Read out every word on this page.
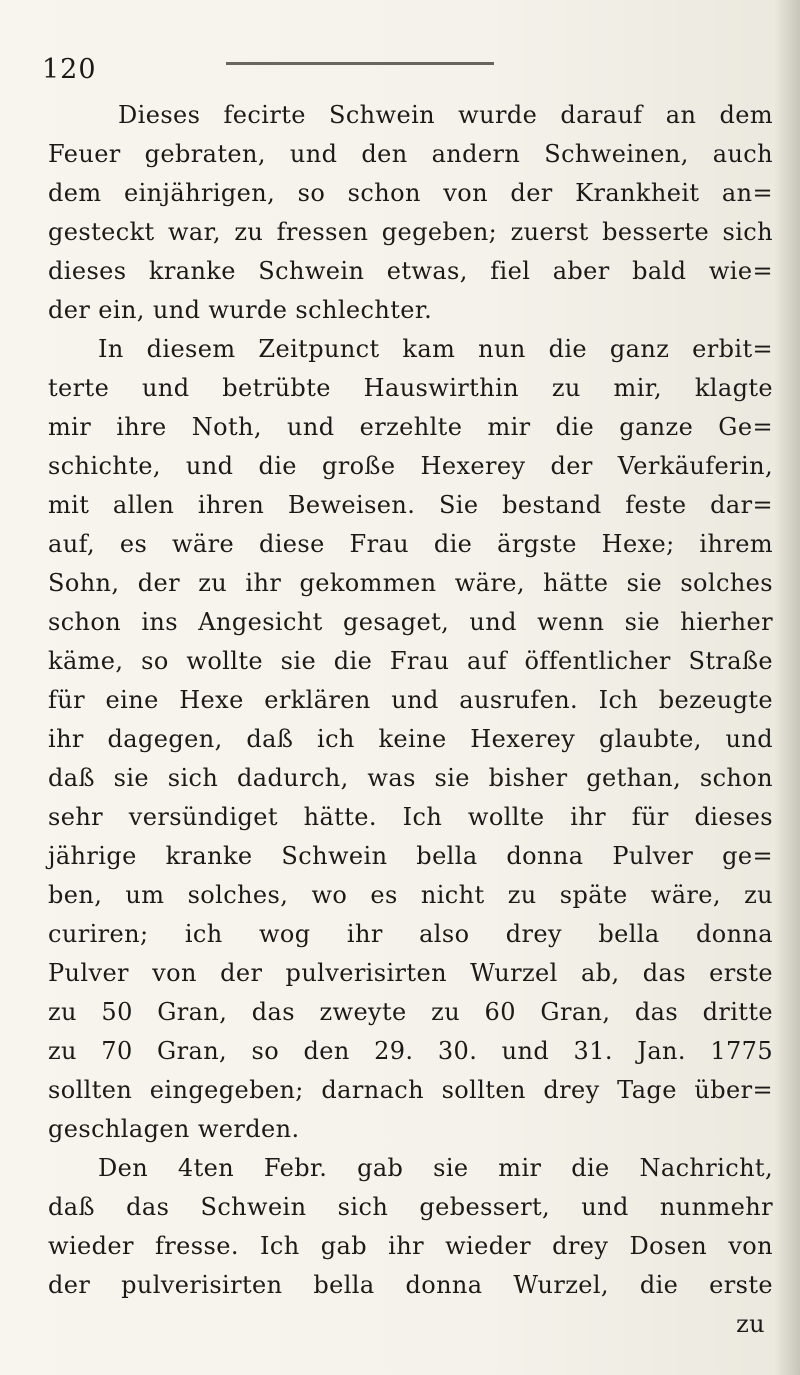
120
Dieses fecirte Schwein wurde darauf an dem
Feuer gebraten, und den andern Schweinen, auch
dem einjährigen, so schon von der Krankheit an=
gesteckt war, zu fressen gegeben; zuerst besserte sich
dieses kranke Schwein etwas, fiel aber bald wie=
der ein, und wurde schlechter.
In diesem Zeitpunct kam nun die ganz erbit=
terte und betrübte Hauswirthin zu mir, klagte
mir ihre Noth, und erzehlte mir die ganze Ge=
schichte, und die große Hexerey der Verkäuferin,
mit allen ihren Beweisen. Sie bestand feste dar=
auf, es wäre diese Frau die ärgste Hexe; ihrem
Sohn, der zu ihr gekommen wäre, hätte sie solches
schon ins Angesicht gesaget, und wenn sie hierher
käme, so wollte sie die Frau auf öffentlicher Straße
für eine Hexe erklären und ausrufen. Ich bezeugte
ihr dagegen, daß ich keine Hexerey glaubte, und
daß sie sich dadurch, was sie bisher gethan, schon
sehr versündiget hätte. Ich wollte ihr für dieses
jährige kranke Schwein bella donna Pulver ge=
ben, um solches, wo es nicht zu späte wäre, zu
curiren; ich wog ihr also drey bella donna
Pulver von der pulverisirten Wurzel ab, das erste
zu 50 Gran, das zweyte zu 60 Gran, das dritte
zu 70 Gran, so den 29. 30. und 31. Jan. 1775
sollten eingegeben; darnach sollten drey Tage über=
geschlagen werden.
Den 4ten Febr. gab sie mir die Nachricht,
daß das Schwein sich gebessert, und nunmehr
wieder fresse. Ich gab ihr wieder drey Dosen von
der pulverisirten bella donna Wurzel, die erste
zu
